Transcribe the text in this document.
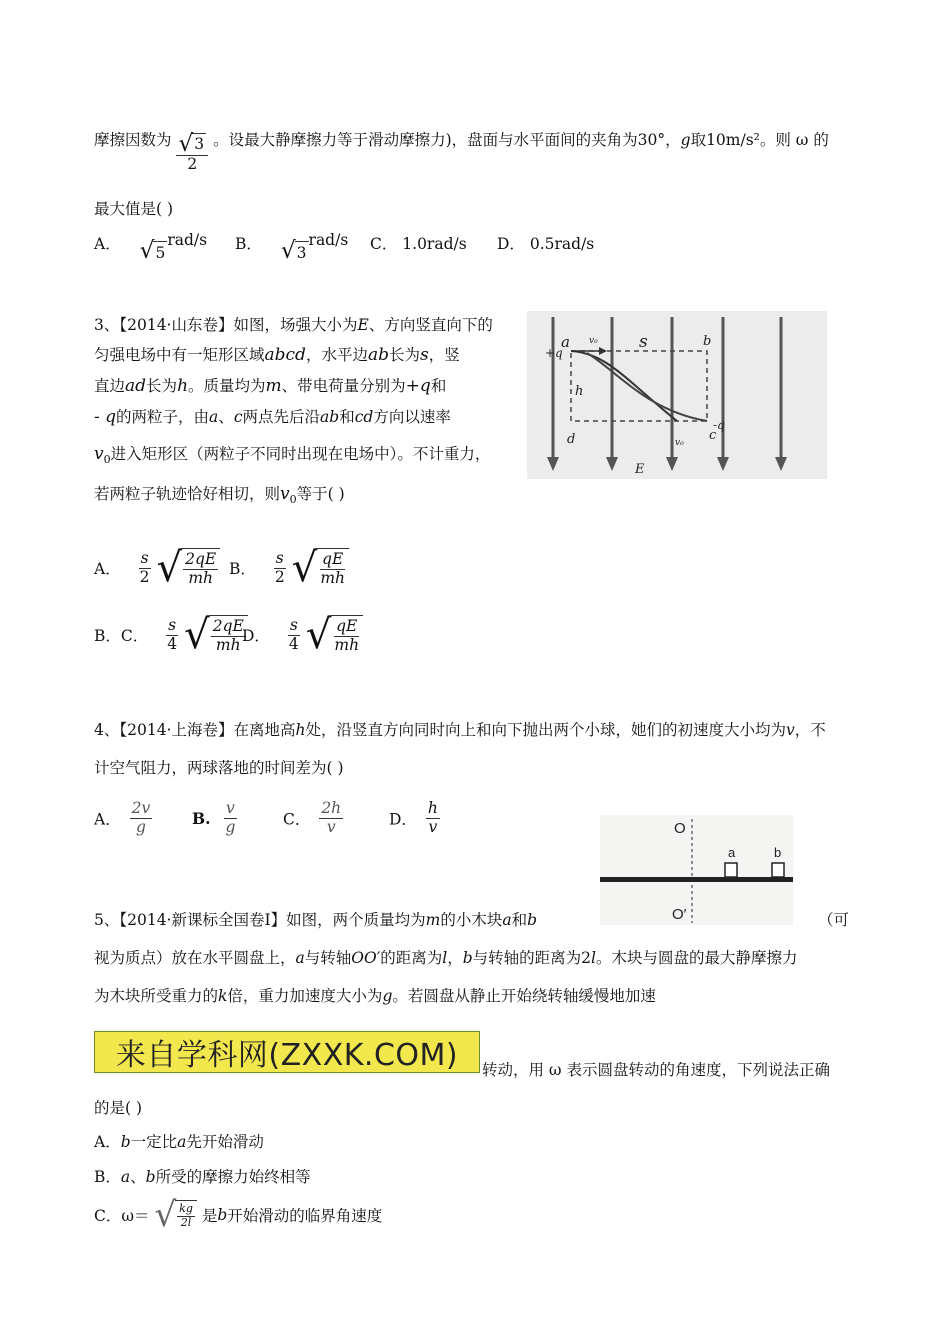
摩擦因数为 $\frac{√ 3}{2}$ 。设最大静摩擦力等于滑动摩擦力)，盘面与水平面间的夹角为30°，g取10m/s²。则 ω 的
最大值是( )
A． √ 5
rad/s B． √ 3
rad/s C． 1.0rad/s D． 0.5rad/s
3、【2014·山东卷】如图，场强大小为E、方向竖直向下的
匀强电场中有一矩形区域abcd，水平边ab长为s，竖
直边ad长为h。质量均为m、带电荷量分别为+q和
- q的两粒子，由a、c两点先后沿ab和cd方向以速率
$v_0$进入矩形区（两粒子不同时出现在电场中）。不计重力，
若两粒子轨迹恰好相切，则$v_0$等于( )
a v₀
+q
s	b
h
d	v₀ c
-q
E
A． $\frac{s}{2}$
√ $\frac{2qE}{mh}$ B． $\frac{s}{2}$
√ $\frac{qE}{mh}$
B．C． $\frac{s}{4}$
√ $\frac{2qE}{mh}$
D． $\frac{s}{4}$
√ $\frac{qE}{mh}$
4、【2014·上海卷】在离地高h处，沿竖直方向同时向上和向下抛出两个小球，她们的初速度大小均为v，不
计空气阻力，两球落地的时间差为( )
A． $\frac{2v}{g}$	B. $\frac{v}{g}$	C． $\frac{2h}{v}$	D． $\frac{h}{v}$	O
O′
a	b
5、【2014·新课标全国卷Ⅰ】如图，两个质量均为m的小木块a和b	（可
视为质点）放在水平圆盘上，a与转轴OO′的距离为l，b与转轴的距离为2l。木块与圆盘的最大静摩擦力
为木块所受重力的k倍，重力加速度大小为g。若圆盘从静止开始绕转轴缓慢地加速
来自学科网(ZXXK.COM)	转动，用 ω 表示圆盘转动的角速度，下列说法正确
的是( )
A．b一定比a先开始滑动
B．a、b所受的摩擦力始终相等
C．ω＝ √ $\frac{kg}{2l}$ 是b开始滑动的临界角速度
